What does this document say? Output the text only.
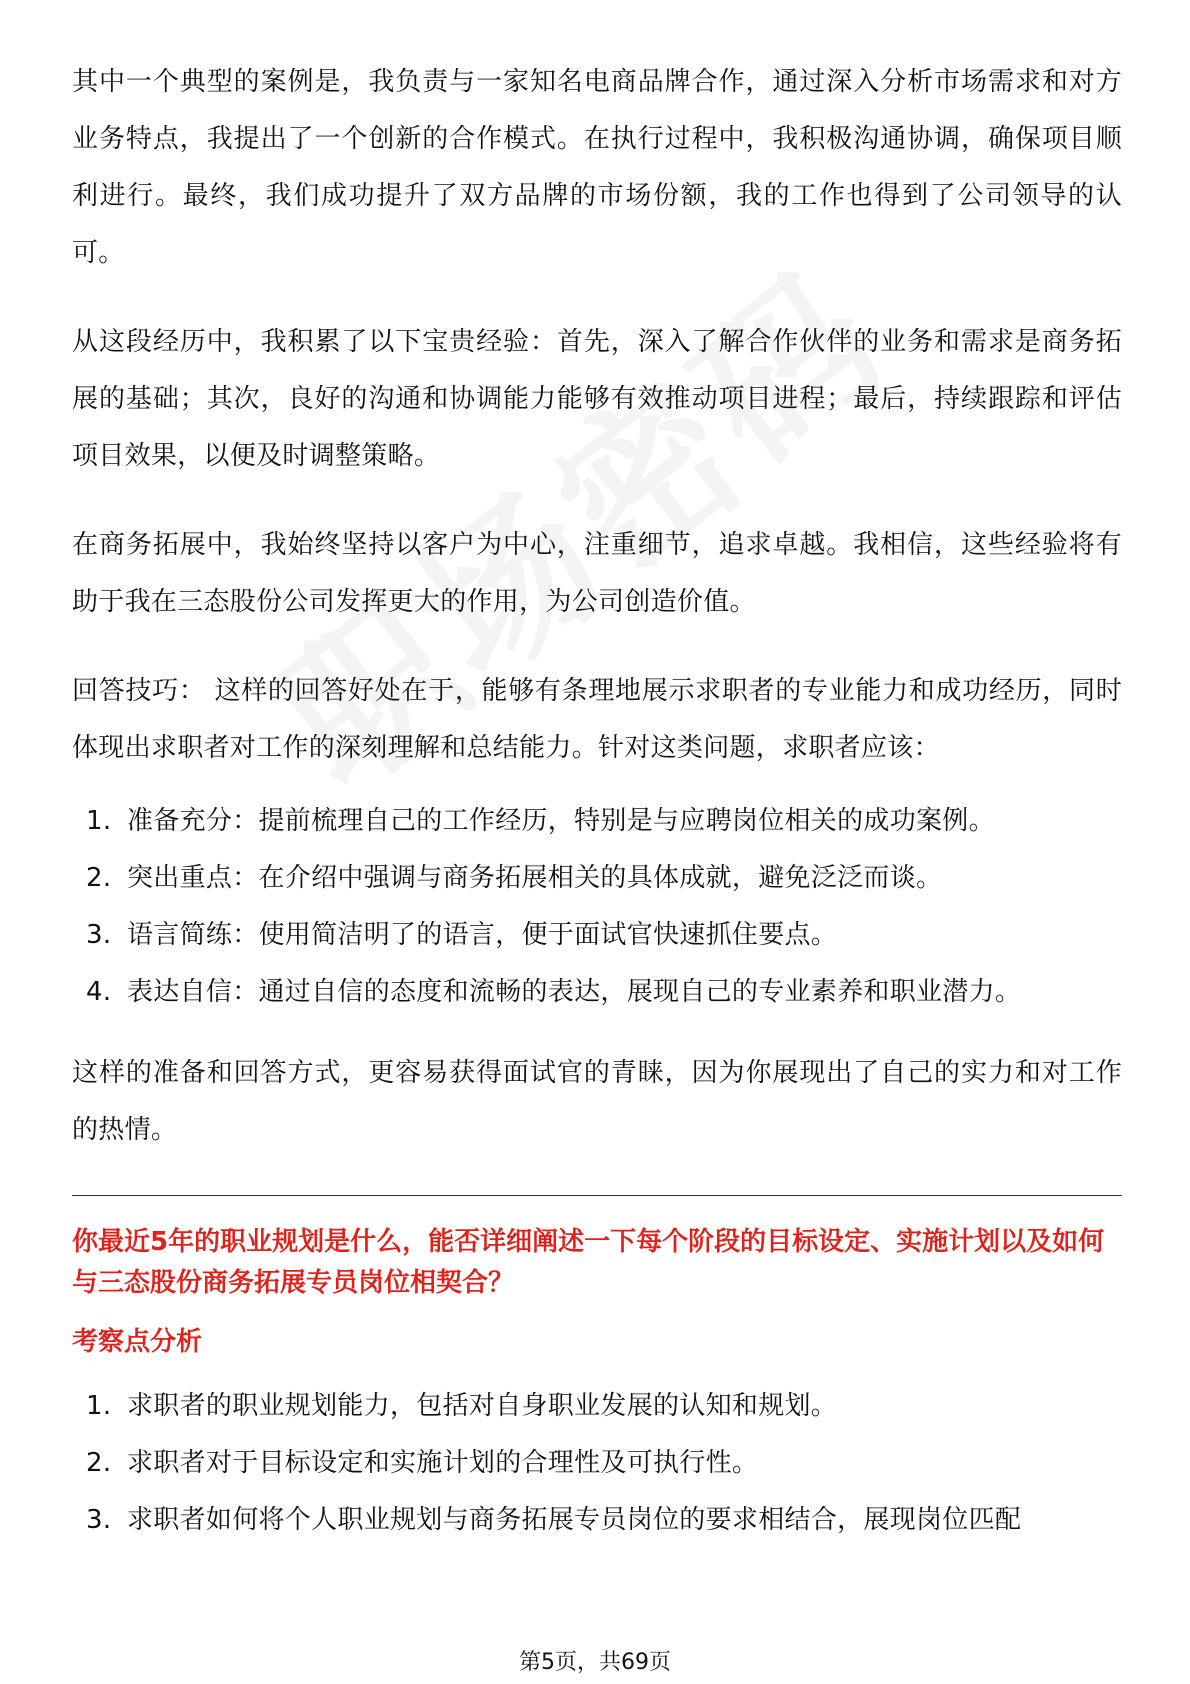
其中一个典型的案例是，我负责与一家知名电商品牌合作，通过深入分析市场需求和对方业务特点，我提出了一个创新的合作模式。在执行过程中，我积极沟通协调，确保项目顺利进行。最终，我们成功提升了双方品牌的市场份额，我的工作也得到了公司领导的认可。

从这段经历中，我积累了以下宝贵经验：首先，深入了解合作伙伴的业务和需求是商务拓展的基础；其次，良好的沟通和协调能力能够有效推动项目进程；最后，持续跟踪和评估项目效果，以便及时调整策略。

在商务拓展中，我始终坚持以客户为中心，注重细节，追求卓越。我相信，这些经验将有助于我在三态股份公司发挥更大的作用，为公司创造价值。

回答技巧： 这样的回答好处在于，能够有条理地展示求职者的专业能力和成功经历，同时体现出求职者对工作的深刻理解和总结能力。针对这类问题，求职者应该：

1. 准备充分：提前梳理自己的工作经历，特别是与应聘岗位相关的成功案例。
2. 突出重点：在介绍中强调与商务拓展相关的具体成就，避免泛泛而谈。
3. 语言简练：使用简洁明了的语言，便于面试官快速抓住要点。
4. 表达自信：通过自信的态度和流畅的表达，展现自己的专业素养和职业潜力。

这样的准备和回答方式，更容易获得面试官的青睐，因为你展现出了自己的实力和对工作的热情。

你最近5年的职业规划是什么，能否详细阐述一下每个阶段的目标设定、实施计划以及如何与三态股份商务拓展专员岗位相契合？

考察点分析

1. 求职者的职业规划能力，包括对自身职业发展的认知和规划。
2. 求职者对于目标设定和实施计划的合理性及可执行性。
3. 求职者如何将个人职业规划与商务拓展专员岗位的要求相结合，展现岗位匹配
第5页，共69页
